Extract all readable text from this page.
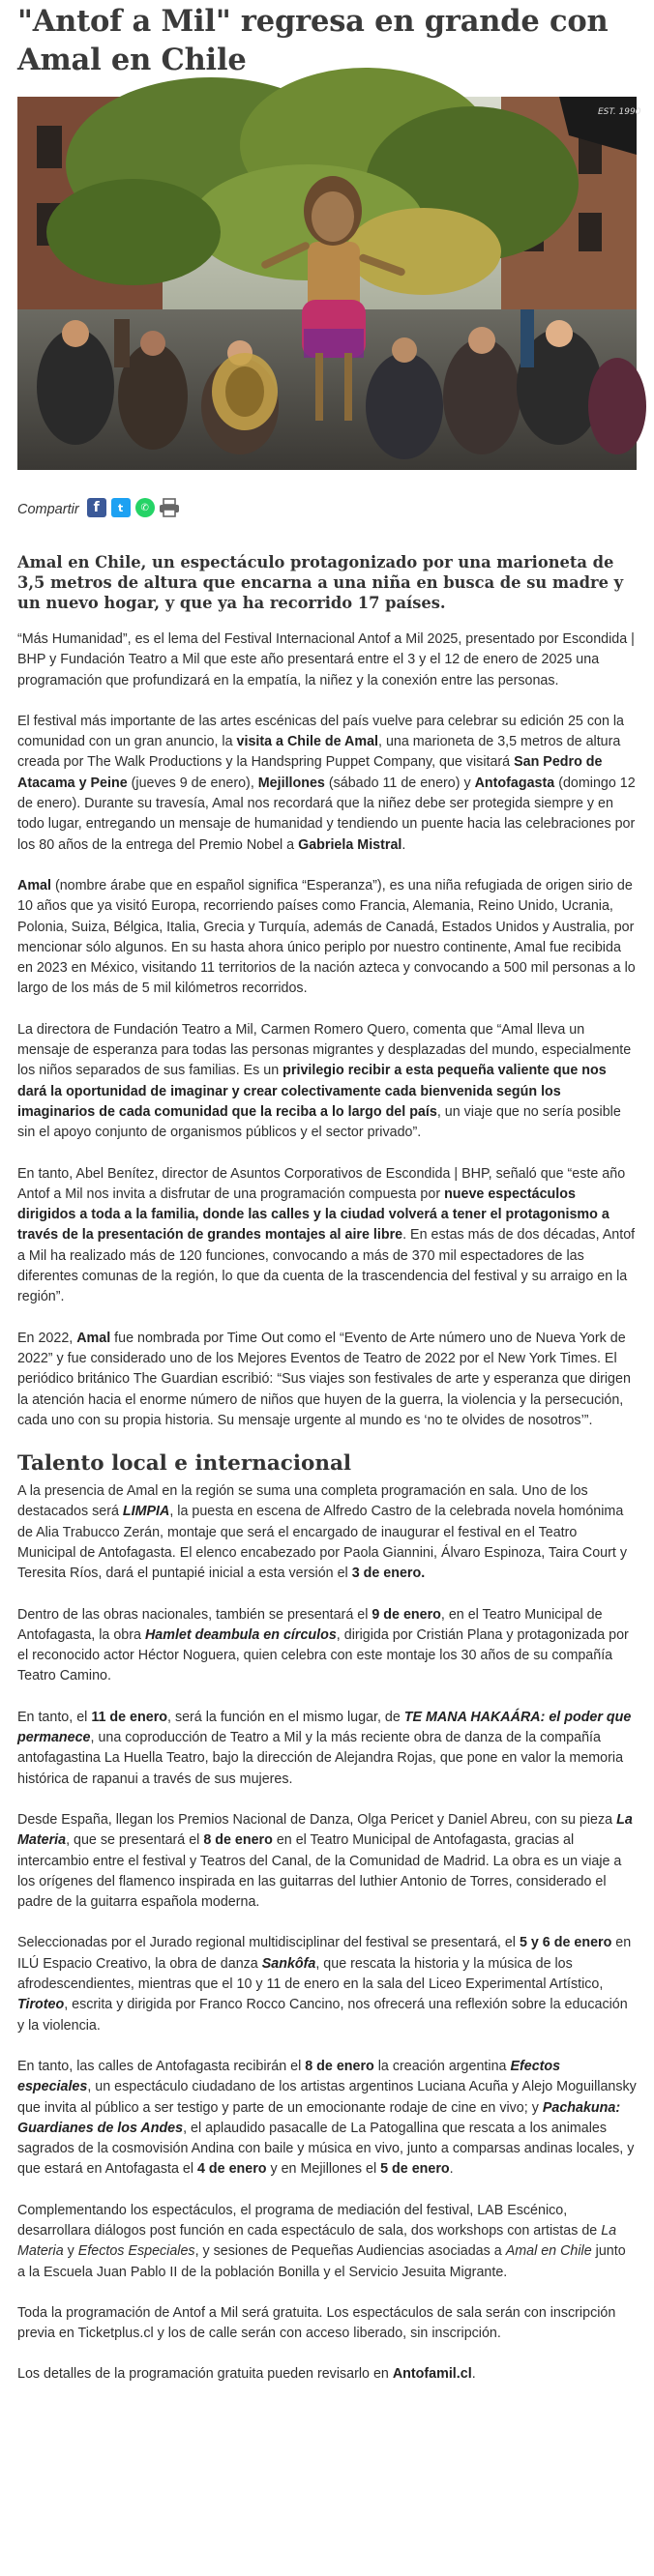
"Antof a Mil" regresa en grande con Amal en Chile
EST. 1990
Compartir	f	t	✆

Amal en Chile, un espectáculo protagonizado por una marioneta de 3,5 metros de altura que encarna a una niña en busca de su madre y un nuevo hogar, y que ya ha recorrido 17 países.

“Más Humanidad”, es el lema del Festival Internacional Antof a Mil 2025, presentado por Escondida | BHP y Fundación Teatro a Mil que este año presentará entre el 3 y el 12 de enero de 2025 una programación que profundizará en la empatía, la niñez y la conexión entre las personas.

El festival más importante de las artes escénicas del país vuelve para celebrar su edición 25 con la comunidad con un gran anuncio, la visita a Chile de Amal, una marioneta de 3,5 metros de altura creada por The Walk Productions y la Handspring Puppet Company, que visitará San Pedro de Atacama y Peine (jueves 9 de enero), Mejillones (sábado 11 de enero) y Antofagasta (domingo 12 de enero). Durante su travesía, Amal nos recordará que la niñez debe ser protegida siempre y en todo lugar, entregando un mensaje de humanidad y tendiendo un puente hacia las celebraciones por los 80 años de la entrega del Premio Nobel a Gabriela Mistral.

Amal (nombre árabe que en español significa “Esperanza”), es una niña refugiada de origen sirio de 10 años que ya visitó Europa, recorriendo países como Francia, Alemania, Reino Unido, Ucrania, Polonia, Suiza, Bélgica, Italia, Grecia y Turquía, además de Canadá, Estados Unidos y Australia, por mencionar sólo algunos. En su hasta ahora único periplo por nuestro continente, Amal fue recibida en 2023 en México, visitando 11 territorios de la nación azteca y convocando a 500 mil personas a lo largo de los más de 5 mil kilómetros recorridos.

La directora de Fundación Teatro a Mil, Carmen Romero Quero, comenta que “Amal lleva un mensaje de esperanza para todas las personas migrantes y desplazadas del mundo, especialmente los niños separados de sus familias. Es un privilegio recibir a esta pequeña valiente que nos dará la oportunidad de imaginar y crear colectivamente cada bienvenida según los imaginarios de cada comunidad que la reciba a lo largo del país, un viaje que no sería posible sin el apoyo conjunto de organismos públicos y el sector privado”.

En tanto, Abel Benítez, director de Asuntos Corporativos de Escondida | BHP, señaló que “este año Antof a Mil nos invita a disfrutar de una programación compuesta por nueve espectáculos dirigidos a toda a la familia, donde las calles y la ciudad volverá a tener el protagonismo a través de la presentación de grandes montajes al aire libre. En estas más de dos décadas, Antof a Mil ha realizado más de 120 funciones, convocando a más de 370 mil espectadores de las diferentes comunas de la región, lo que da cuenta de la trascendencia del festival y su arraigo en la región”.

En 2022, Amal fue nombrada por Time Out como el “Evento de Arte número uno de Nueva York de 2022” y fue considerado uno de los Mejores Eventos de Teatro de 2022 por el New York Times. El periódico británico The Guardian escribió: “Sus viajes son festivales de arte y esperanza que dirigen la atención hacia el enorme número de niños que huyen de la guerra, la violencia y la persecución, cada uno con su propia historia. Su mensaje urgente al mundo es ‘no te olvides de nosotros’”.

Talento local e internacional

A la presencia de Amal en la región se suma una completa programación en sala. Uno de los destacados será LIMPIA, la puesta en escena de Alfredo Castro de la celebrada novela homónima de Alia Trabucco Zerán, montaje que será el encargado de inaugurar el festival en el Teatro Municipal de Antofagasta. El elenco encabezado por Paola Giannini, Álvaro Espinoza, Taira Court y Teresita Ríos, dará el puntapié inicial a esta versión el 3 de enero.

Dentro de las obras nacionales, también se presentará el 9 de enero, en el Teatro Municipal de Antofagasta, la obra Hamlet deambula en círculos, dirigida por Cristián Plana y protagonizada por el reconocido actor Héctor Noguera, quien celebra con este montaje los 30 años de su compañía Teatro Camino.

En tanto, el 11 de enero, será la función en el mismo lugar, de TE MANA HAKAÁRA: el poder que permanece, una coproducción de Teatro a Mil y la más reciente obra de danza de la compañía antofagastina La Huella Teatro, bajo la dirección de Alejandra Rojas, que pone en valor la memoria histórica de rapanui a través de sus mujeres.

Desde España, llegan los Premios Nacional de Danza, Olga Pericet y Daniel Abreu, con su pieza La Materia, que se presentará el 8 de enero en el Teatro Municipal de Antofagasta, gracias al intercambio entre el festival y Teatros del Canal, de la Comunidad de Madrid. La obra es un viaje a los orígenes del flamenco inspirada en las guitarras del luthier Antonio de Torres, considerado el padre de la guitarra española moderna.

Seleccionadas por el Jurado regional multidisciplinar del festival se presentará, el 5 y 6 de enero en ILÚ Espacio Creativo, la obra de danza Sankôfa, que rescata la historia y la música de los afrodescendientes, mientras que el 10 y 11 de enero en la sala del Liceo Experimental Artístico, Tiroteo, escrita y dirigida por Franco Rocco Cancino, nos ofrecerá una reflexión sobre la educación y la violencia.

En tanto, las calles de Antofagasta recibirán el 8 de enero la creación argentina Efectos especiales, un espectáculo ciudadano de los artistas argentinos Luciana Acuña y Alejo Moguillansky que invita al público a ser testigo y parte de un emocionante rodaje de cine en vivo; y Pachakuna: Guardianes de los Andes, el aplaudido pasacalle de La Patogallina que rescata a los animales sagrados de la cosmovisión Andina con baile y música en vivo, junto a comparsas andinas locales, y que estará en Antofagasta el 4 de enero y en Mejillones el 5 de enero.

Complementando los espectáculos, el programa de mediación del festival, LAB Escénico, desarrollara diálogos post función en cada espectáculo de sala, dos workshops con artistas de La Materia y Efectos Especiales, y sesiones de Pequeñas Audiencias asociadas a Amal en Chile junto a la Escuela Juan Pablo II de la población Bonilla y el Servicio Jesuita Migrante.

Toda la programación de Antof a Mil será gratuita. Los espectáculos de sala serán con inscripción previa en Ticketplus.cl y los de calle serán con acceso liberado, sin inscripción.

Los detalles de la programación gratuita pueden revisarlo en Antofamil.cl.
